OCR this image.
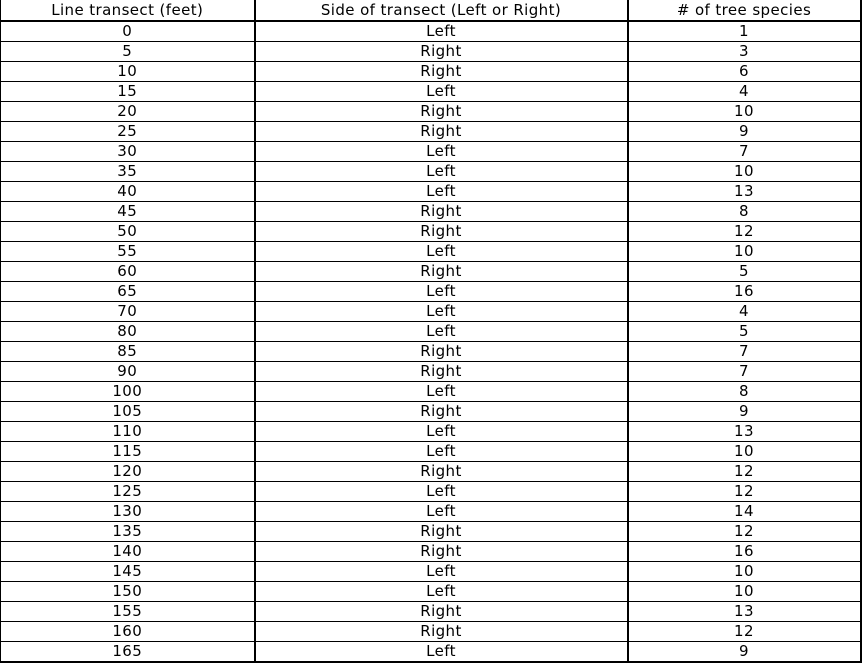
Line transect (feet)	Side of transect (Left or Right)	# of tree species
0	Left	1
5	Right	3
10	Right	6
15	Left	4
20	Right	10
25	Right	9
30	Left	7
35	Left	10
40	Left	13
45	Right	8
50	Right	12
55	Left	10
60	Right	5
65	Left	16
70	Left	4
80	Left	5
85	Right	7
90	Right	7
100	Left	8
105	Right	9
110	Left	13
115	Left	10
120	Right	12
125	Left	12
130	Left	14
135	Right	12
140	Right	16
145	Left	10
150	Left	10
155	Right	13
160	Right	12
165	Left	9
